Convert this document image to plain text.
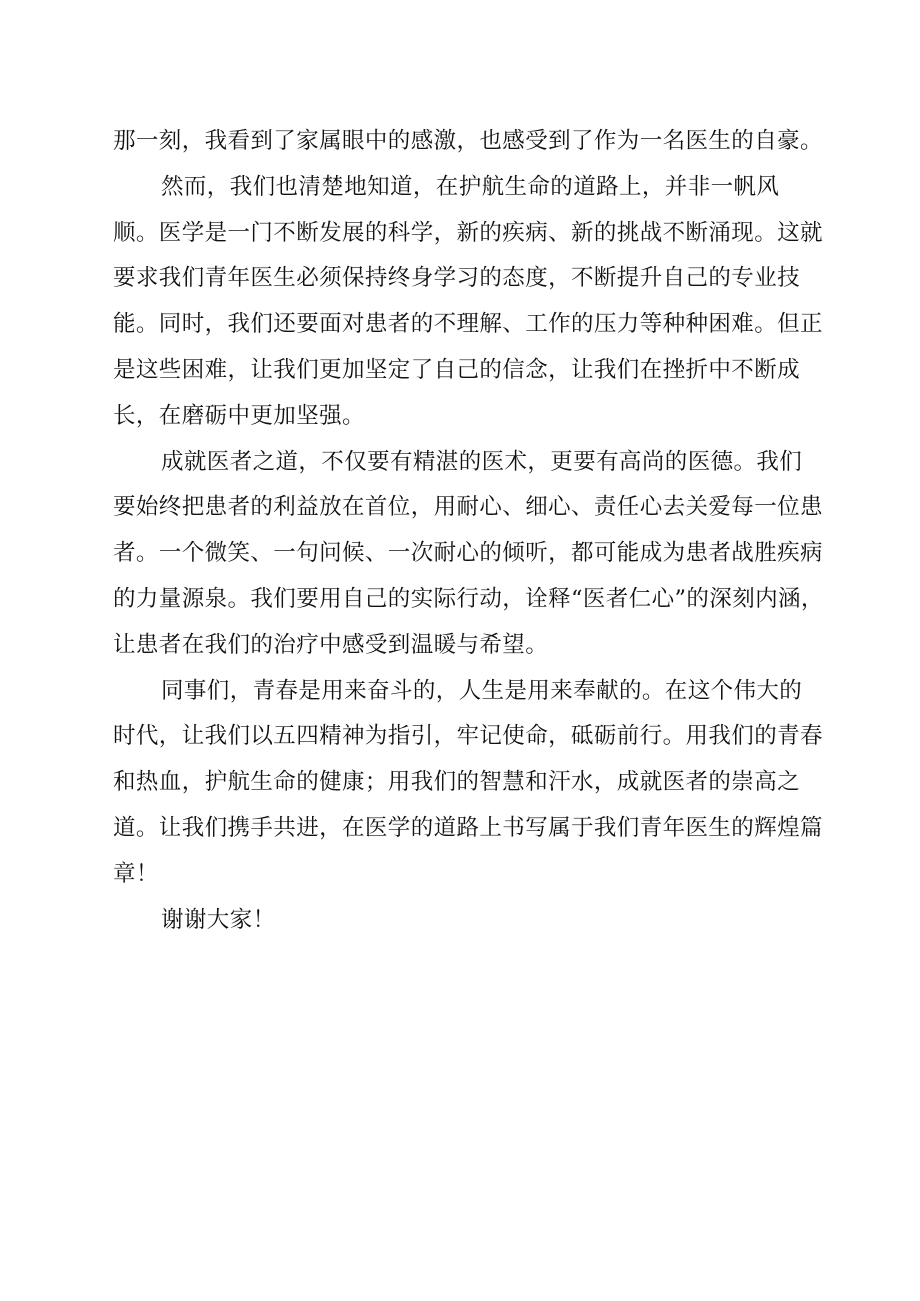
那一刻，我看到了家属眼中的感激，也感受到了作为一名医生的自豪。

然而，我们也清楚地知道，在护航生命的道路上，并非一帆风顺。医学是一门不断发展的科学，新的疾病、新的挑战不断涌现。这就要求我们青年医生必须保持终身学习的态度，不断提升自己的专业技能。同时，我们还要面对患者的不理解、工作的压力等种种困难。但正是这些困难，让我们更加坚定了自己的信念，让我们在挫折中不断成长，在磨砺中更加坚强。

成就医者之道，不仅要有精湛的医术，更要有高尚的医德。我们要始终把患者的利益放在首位，用耐心、细心、责任心去关爱每一位患者。一个微笑、一句问候、一次耐心的倾听，都可能成为患者战胜疾病的力量源泉。我们要用自己的实际行动，诠释“医者仁心”的深刻内涵，让患者在我们的治疗中感受到温暖与希望。

同事们，青春是用来奋斗的，人生是用来奉献的。在这个伟大的时代，让我们以五四精神为指引，牢记使命，砥砺前行。用我们的青春和热血，护航生命的健康；用我们的智慧和汗水，成就医者的崇高之道。让我们携手共进，在医学的道路上书写属于我们青年医生的辉煌篇章！

谢谢大家！
